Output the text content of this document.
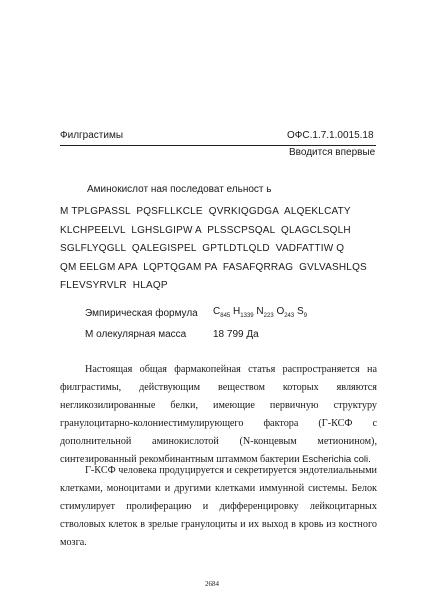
Филграстимы	ОФС.1.7.1.0015.18
Вводится впервые
Аминокислот ная последоват ельност ь
M TPLGPASSL  PQSFLLKCLE  QVRKIQGDGA  ALQEKLCATY
KLCHPEELVL  LGHSLGIPW A  PLSSCPSQAL  QLAGCLSQLH
SGLFLYQGLL  QALEGISPEL  GPTLDTLQLD  VADFATTIW Q
QM EELGM APA  LQPTQGAM PA  FASAFQRRAG  GVLVASHLQS
FLEVSYRVLR  HLAQP
Эмпирическая формула $C_{845}$ $H_{1339}$ $N_{223}$ $O_{243}$ $S_9$
М олекулярная масса	18 799 Да
Настоящая общая фармакопейная статья распространяется на филграстимы, действующим веществом которых являются негликозилированные белки, имеющие первичную структуру гранулоцитарно-колониестимулирующего фактора (Г-КСФ с дополнительной аминокислотой (N-концевым метионином), синтезированный рекомбинантным штаммом бактерии Escherichia coli.
Г-КСФ человека продуцируется и секретируется эндотелиальными клетками, моноцитами и другими клетками иммунной системы. Белок стимулирует пролиферацию и дифференцировку лейкоцитарных стволовых клеток в зрелые гранулоциты и их выход в кровь из костного мозга.
2684
